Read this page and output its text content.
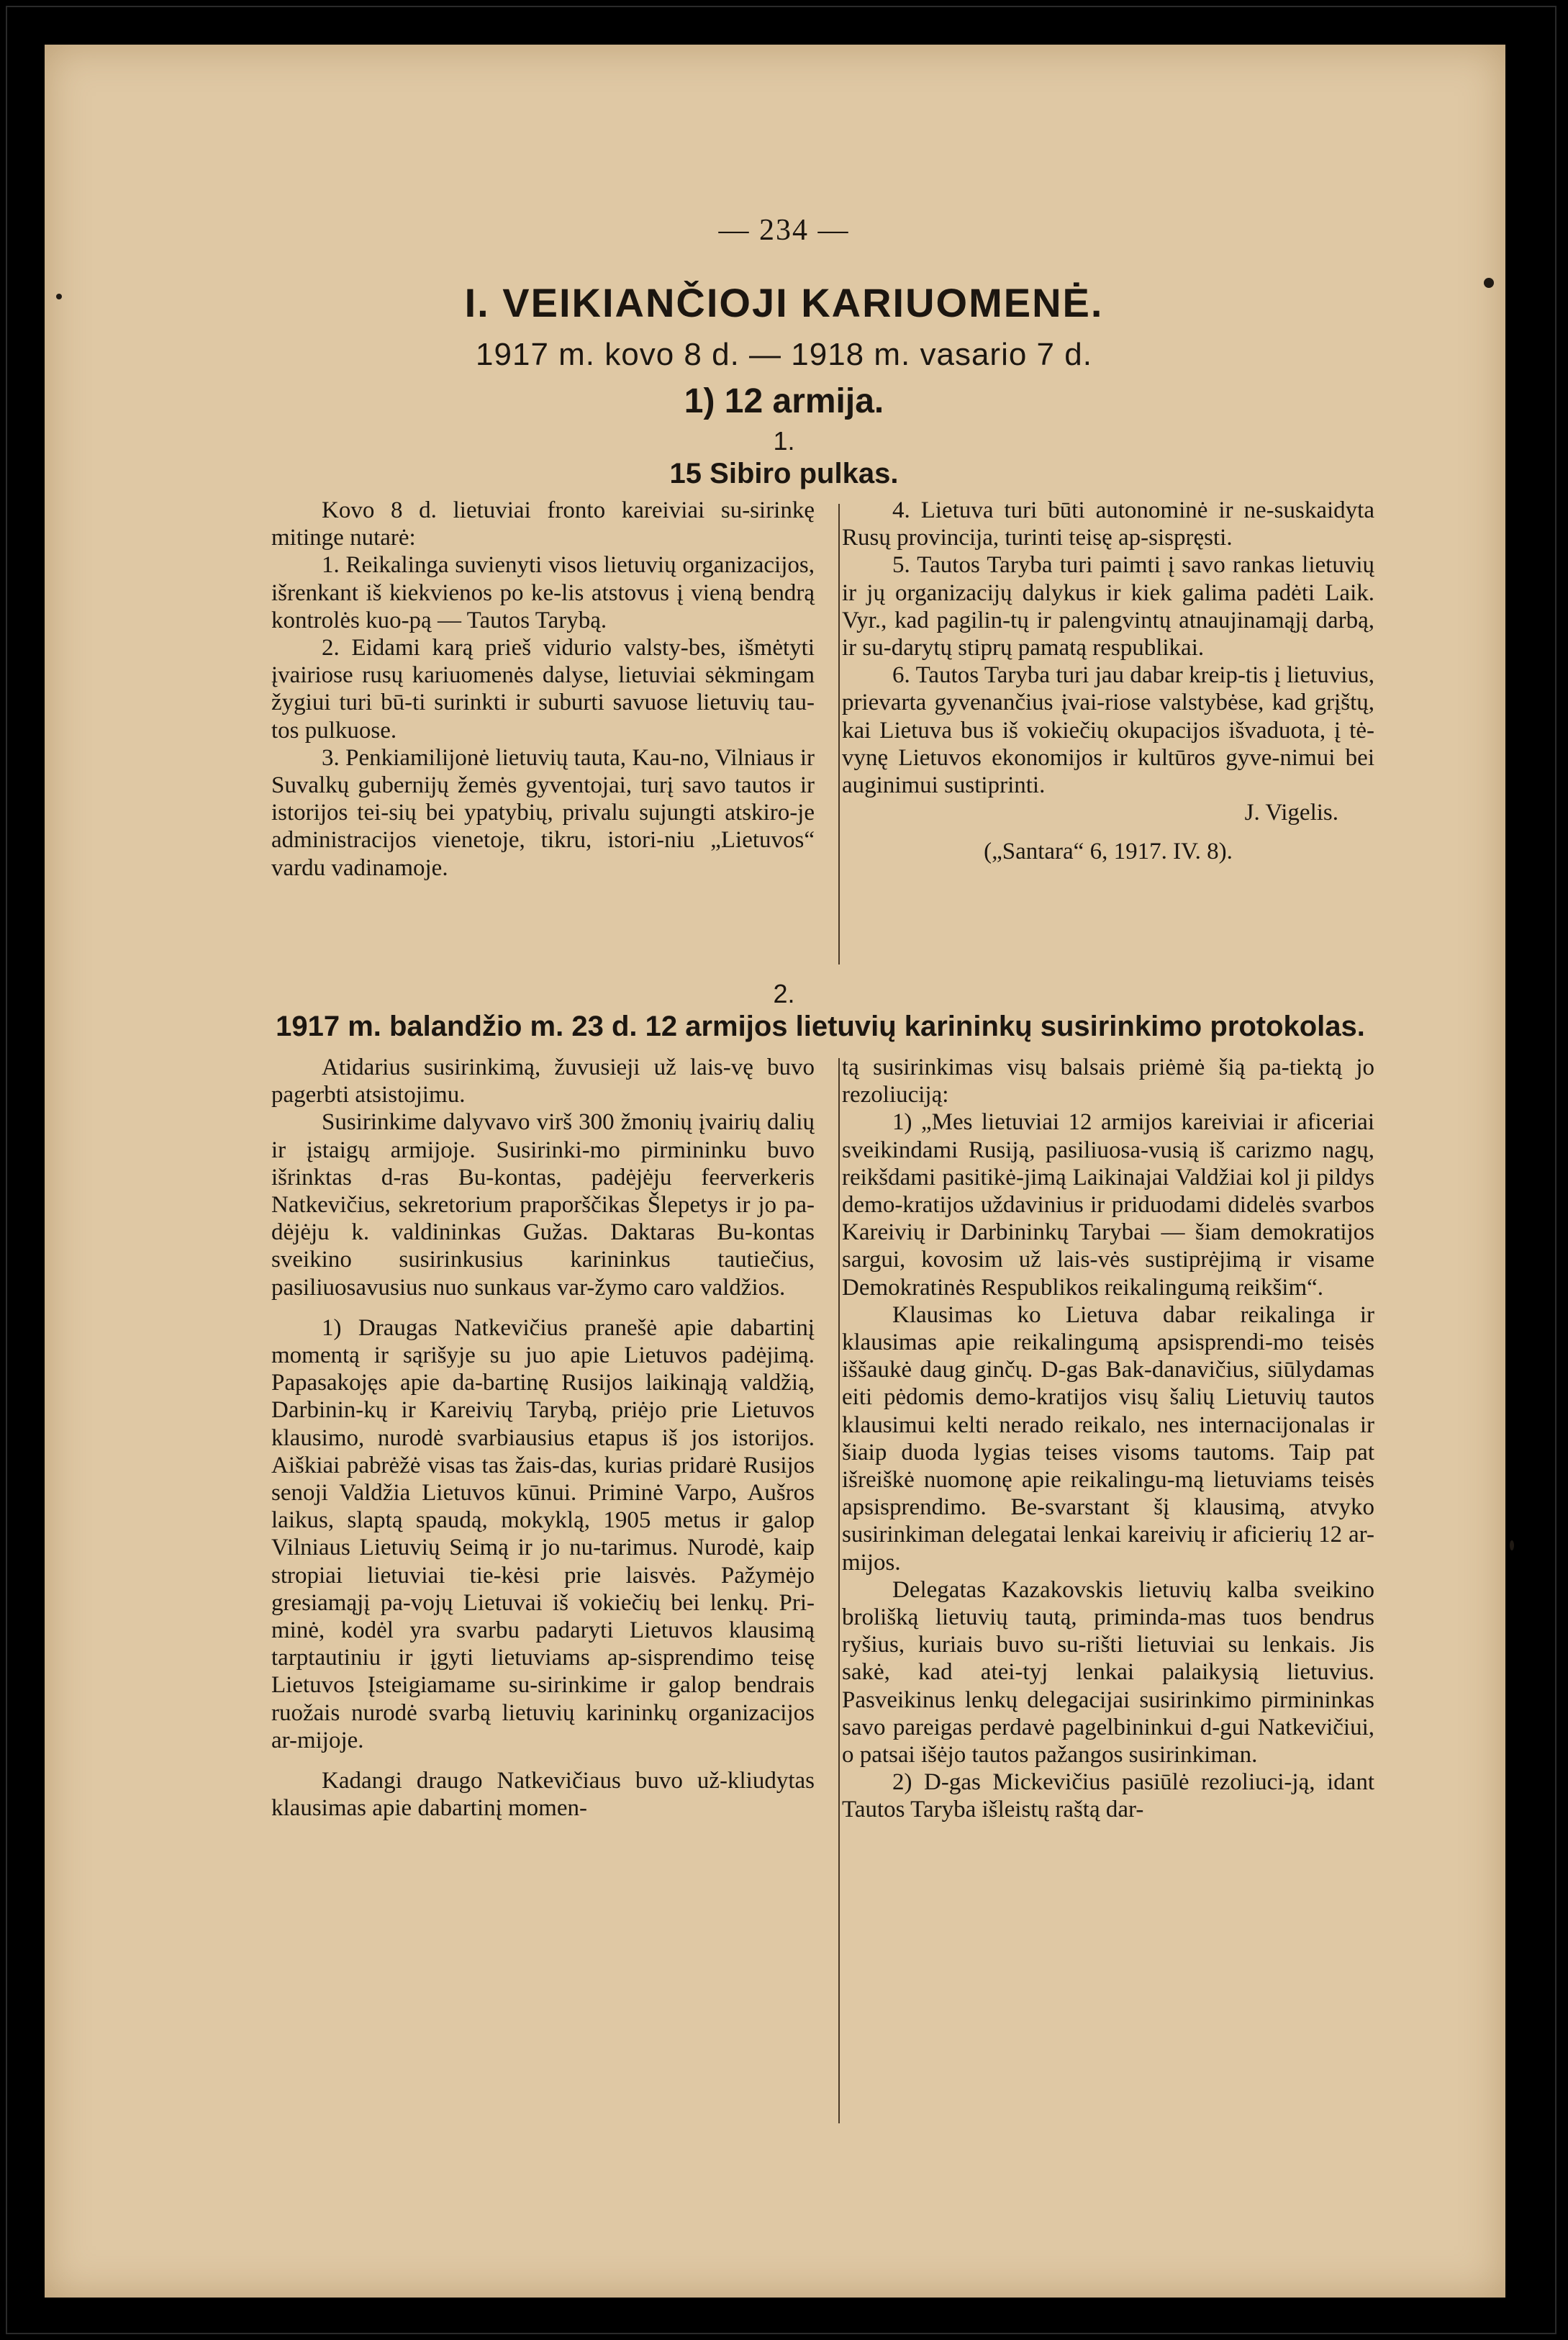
— 234 —
I. VEIKIANČIOJI KARIUOMENĖ.
1917 m. kovo 8 d. — 1918 m. vasario 7 d.
1) 12 armija.
1.
15 Sibiro pulkas.

Kovo 8 d. lietuviai fronto kareiviai su-sirinkę mitinge nutarė:

1. Reikalinga suvienyti visos lietuvių organizacijos, išrenkant iš kiekvienos po ke-lis atstovus į vieną bendrą kontrolės kuo-pą — Tautos Tarybą.

2. Eidami karą prieš vidurio valsty-bes, išmėtyti įvairiose rusų kariuomenės dalyse, lietuviai sėkmingam žygiui turi bū-ti surinkti ir suburti savuose lietuvių tau-tos pulkuose.

3. Penkiamilijonė lietuvių tauta, Kau-no, Vilniaus ir Suvalkų gubernijų žemės gyventojai, turį savo tautos ir istorijos tei-sių bei ypatybių, privalu sujungti atskiro-je administracijos vienetoje, tikru, istori-niu „Lietuvos“ vardu vadinamoje.

4. Lietuva turi būti autonominė ir ne-suskaidyta Rusų provincija, turinti teisę ap-sispręsti.

5. Tautos Taryba turi paimti į savo rankas lietuvių ir jų organizacijų dalykus ir kiek galima padėti Laik. Vyr., kad pagilin-tų ir palengvintų atnaujinamąjį darbą, ir su-darytų stiprų pamatą respublikai.

6. Tautos Taryba turi jau dabar kreip-tis į lietuvius, prievarta gyvenančius įvai-riose valstybėse, kad grįštų, kai Lietuva bus iš vokiečių okupacijos išvaduota, į tė-vynę Lietuvos ekonomijos ir kultūros gyve-nimui bei auginimui sustiprinti.

J. Vigelis.

(„Santara“ 6, 1917. IV. 8).

2.
1917 m. balandžio m. 23 d. 12 armijos lietuvių karininkų susirinkimo protokolas.

Atidarius susirinkimą, žuvusieji už lais-vę buvo pagerbti atsistojimu.

Susirinkime dalyvavo virš 300 žmonių įvairių dalių ir įstaigų armijoje. Susirinki-mo pirmininku buvo išrinktas d-ras Bu-kontas, padėjėju feerverkeris Natkevičius, sekretorium praporščikas Šlepetys ir jo pa-dėjėju k. valdininkas Gužas. Daktaras Bu-kontas sveikino susirinkusius karininkus tautiečius, pasiliuosavusius nuo sunkaus var-žymo caro valdžios.

1) Draugas Natkevičius pranešė apie dabartinį momentą ir sąrišyje su juo apie Lietuvos padėjimą. Papasakojęs apie da-bartinę Rusijos laikinąją valdžią, Darbinin-kų ir Kareivių Tarybą, priėjo prie Lietuvos klausimo, nurodė svarbiausius etapus iš jos istorijos. Aiškiai pabrėžė visas tas žais-das, kurias pridarė Rusijos senoji Valdžia Lietuvos kūnui. Priminė Varpo, Aušros laikus, slaptą spaudą, mokyklą, 1905 metus ir galop Vilniaus Lietuvių Seimą ir jo nu-tarimus. Nurodė, kaip stropiai lietuviai tie-kėsi prie laisvės. Pažymėjo gresiamąjį pa-vojų Lietuvai iš vokiečių bei lenkų. Pri-minė, kodėl yra svarbu padaryti Lietuvos klausimą tarptautiniu ir įgyti lietuviams ap-sisprendimo teisę Lietuvos Įsteigiamame su-sirinkime ir galop bendrais ruožais nurodė svarbą lietuvių karininkų organizacijos ar-mijoje.

Kadangi draugo Natkevičiaus buvo už-kliudytas klausimas apie dabartinį momen-

tą susirinkimas visų balsais priėmė šią pa-tiektą jo rezoliuciją:

1) „Mes lietuviai 12 armijos kareiviai ir aficeriai sveikindami Rusiją, pasiliuosa-vusią iš carizmo nagų, reikšdami pasitikė-jimą Laikinajai Valdžiai kol ji pildys demo-kratijos uždavinius ir priduodami didelės svarbos Kareivių ir Darbininkų Tarybai — šiam demokratijos sargui, kovosim už lais-vės sustiprėjimą ir visame Demokratinės Respublikos reikalingumą reikšim“.

Klausimas ko Lietuva dabar reikalinga ir klausimas apie reikalingumą apsisprendi-mo teisės iššaukė daug ginčų. D-gas Bak-danavičius, siūlydamas eiti pėdomis demo-kratijos visų šalių Lietuvių tautos klausimui kelti nerado reikalo, nes internacijonalas ir šiaip duoda lygias teises visoms tautoms. Taip pat išreiškė nuomonę apie reikalingu-mą lietuviams teisės apsisprendimo. Be-svarstant šį klausimą, atvyko susirinkiman delegatai lenkai kareivių ir aficierių 12 ar-mijos.

Delegatas Kazakovskis lietuvių kalba sveikino brolišką lietuvių tautą, priminda-mas tuos bendrus ryšius, kuriais buvo su-rišti lietuviai su lenkais. Jis sakė, kad atei-tyj lenkai palaikysią lietuvius. Pasveikinus lenkų delegacijai susirinkimo pirmininkas savo pareigas perdavė pagelbininkui d-gui Natkevičiui, o patsai išėjo tautos pažangos susirinkiman.

2) D-gas Mickevičius pasiūlė rezoliuci-ją, idant Tautos Taryba išleistų raštą dar-
